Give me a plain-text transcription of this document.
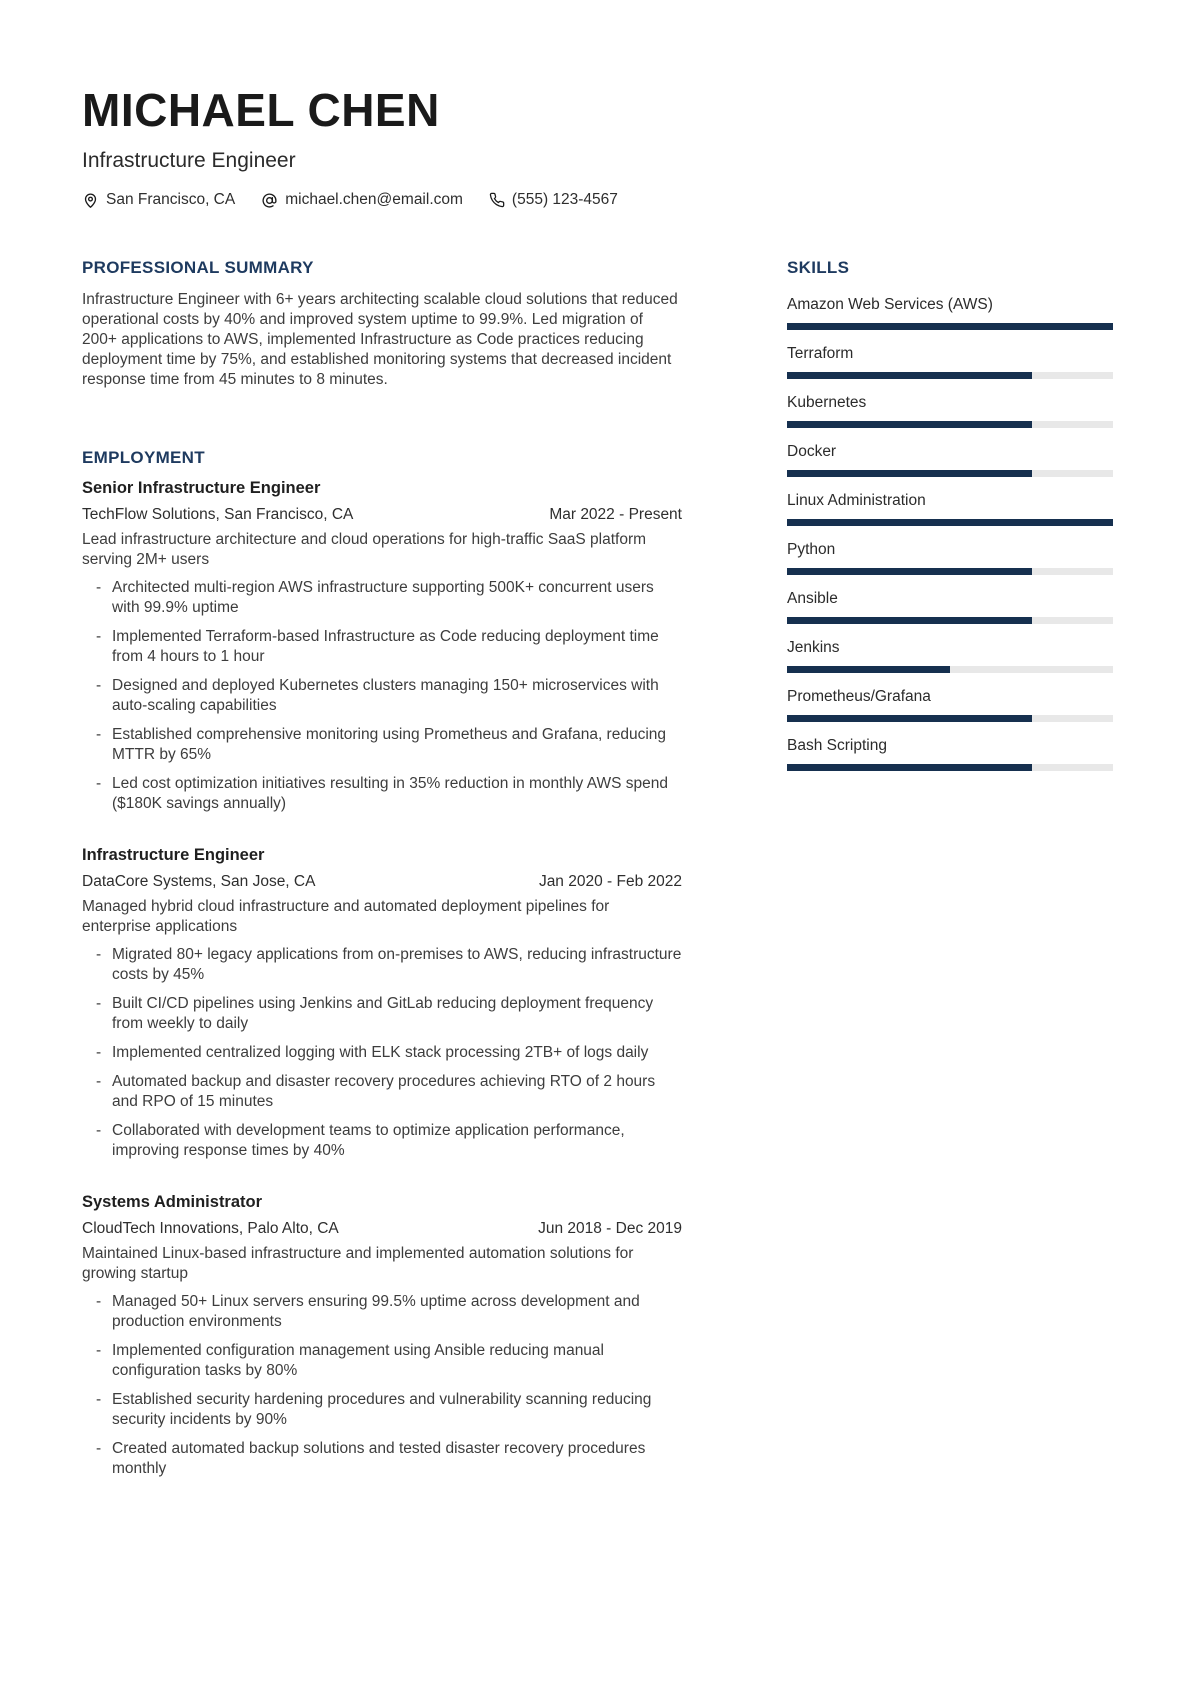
MICHAEL CHEN
Infrastructure Engineer
San Francisco, CA	michael.chen@email.com	(555) 123-4567
PROFESSIONAL SUMMARY

Infrastructure Engineer with 6+ years architecting scalable cloud solutions that reduced operational costs by 40% and improved system uptime to 99.9%. Led migration of 200+ applications to AWS, implemented Infrastructure as Code practices reducing deployment time by 75%, and established monitoring systems that decreased incident response time from 45 minutes to 8 minutes.

EMPLOYMENT
Senior Infrastructure Engineer
TechFlow Solutions, San Francisco, CA	Mar 2022 - Present

Lead infrastructure architecture and cloud operations for high-traffic SaaS platform serving 2M+ users

- Architected multi-region AWS infrastructure supporting 500K+ concurrent users with 99.9% uptime
- Implemented Terraform-based Infrastructure as Code reducing deployment time from 4 hours to 1 hour
- Designed and deployed Kubernetes clusters managing 150+ microservices with auto-scaling capabilities
- Established comprehensive monitoring using Prometheus and Grafana, reducing MTTR by 65%
- Led cost optimization initiatives resulting in 35% reduction in monthly AWS spend ($180K savings annually)
Infrastructure Engineer
DataCore Systems, San Jose, CA	Jan 2020 - Feb 2022

Managed hybrid cloud infrastructure and automated deployment pipelines for enterprise applications

- Migrated 80+ legacy applications from on-premises to AWS, reducing infrastructure costs by 45%
- Built CI/CD pipelines using Jenkins and GitLab reducing deployment frequency from weekly to daily
- Implemented centralized logging with ELK stack processing 2TB+ of logs daily
- Automated backup and disaster recovery procedures achieving RTO of 2 hours and RPO of 15 minutes
- Collaborated with development teams to optimize application performance, improving response times by 40%
Systems Administrator
CloudTech Innovations, Palo Alto, CA	Jun 2018 - Dec 2019

Maintained Linux-based infrastructure and implemented automation solutions for growing startup

- Managed 50+ Linux servers ensuring 99.5% uptime across development and production environments
- Implemented configuration management using Ansible reducing manual configuration tasks by 80%
- Established security hardening procedures and vulnerability scanning reducing security incidents by 90%
- Created automated backup solutions and tested disaster recovery procedures monthly
SKILLS
Amazon Web Services (AWS)
Terraform
Kubernetes
Docker
Linux Administration
Python
Ansible
Jenkins
Prometheus/Grafana
Bash Scripting
